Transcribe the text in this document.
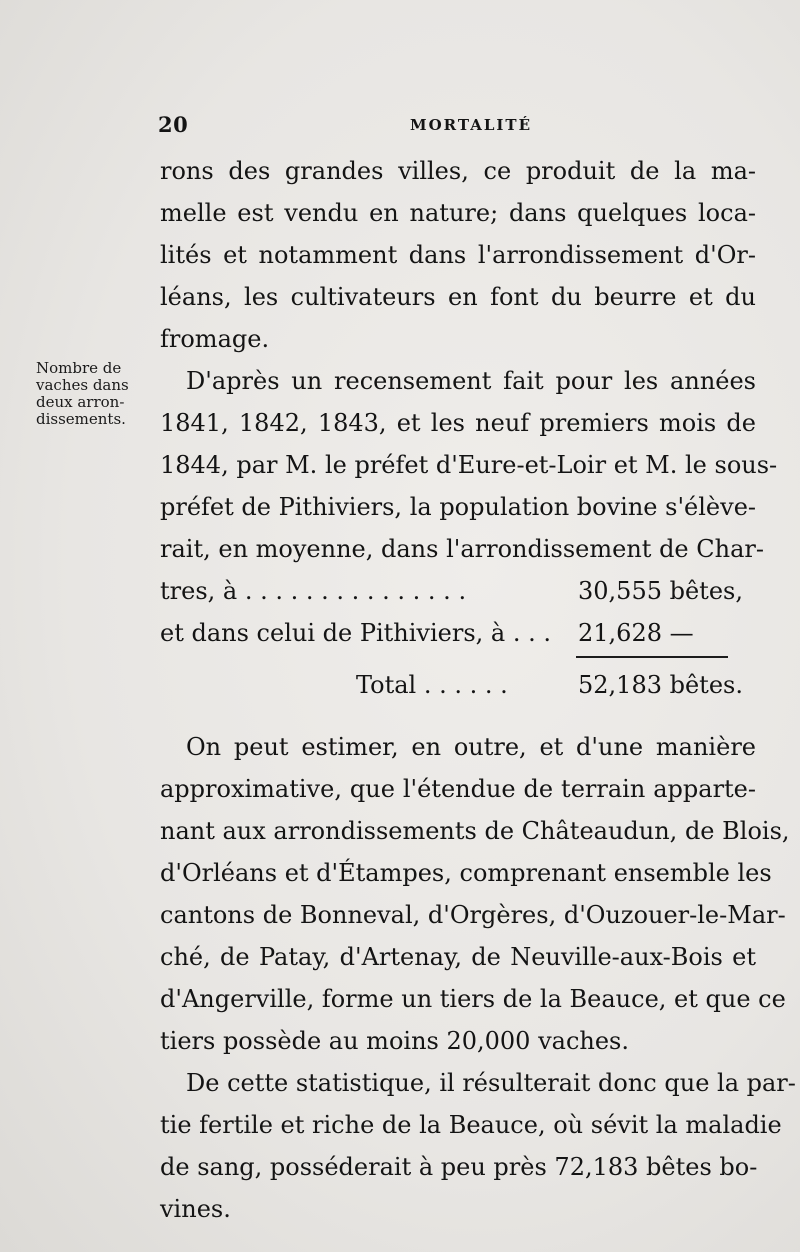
20	MORTALITÉ
Nombre de
vaches dans
deux arron-
dissements.
rons des grandes villes, ce produit de la ma-
melle est vendu en nature; dans quelques loca-
lités et notamment dans l'arrondissement d'Or-
léans, les cultivateurs en font du beurre et du
fromage.
D'après un recensement fait pour les années
1841, 1842, 1843, et les neuf premiers mois de
1844, par M. le préfet d'Eure-et-Loir et M. le sous-
préfet de Pithiviers, la population bovine s'élève-
rait, en moyenne, dans l'arrondissement de Char-
tres, à . . . . . . . . . . . . . . .	30,555 bêtes,
et dans celui de Pithiviers, à . . . 21,628 —
Total . . . . . .	52,183 bêtes.
On peut estimer, en outre, et d'une manière
approximative, que l'étendue de terrain apparte-
nant aux arrondissements de Châteaudun, de Blois,
d'Orléans et d'Étampes, comprenant ensemble les
cantons de Bonneval, d'Orgères, d'Ouzouer-le-Mar-
ché, de Patay, d'Artenay, de Neuville-aux-Bois et
d'Angerville, forme un tiers de la Beauce, et que ce
tiers possède au moins 20,000 vaches.
De cette statistique, il résulterait donc que la par-
tie fertile et riche de la Beauce, où sévit la maladie
de sang, posséderait à peu près 72,183 bêtes bo-
vines.
